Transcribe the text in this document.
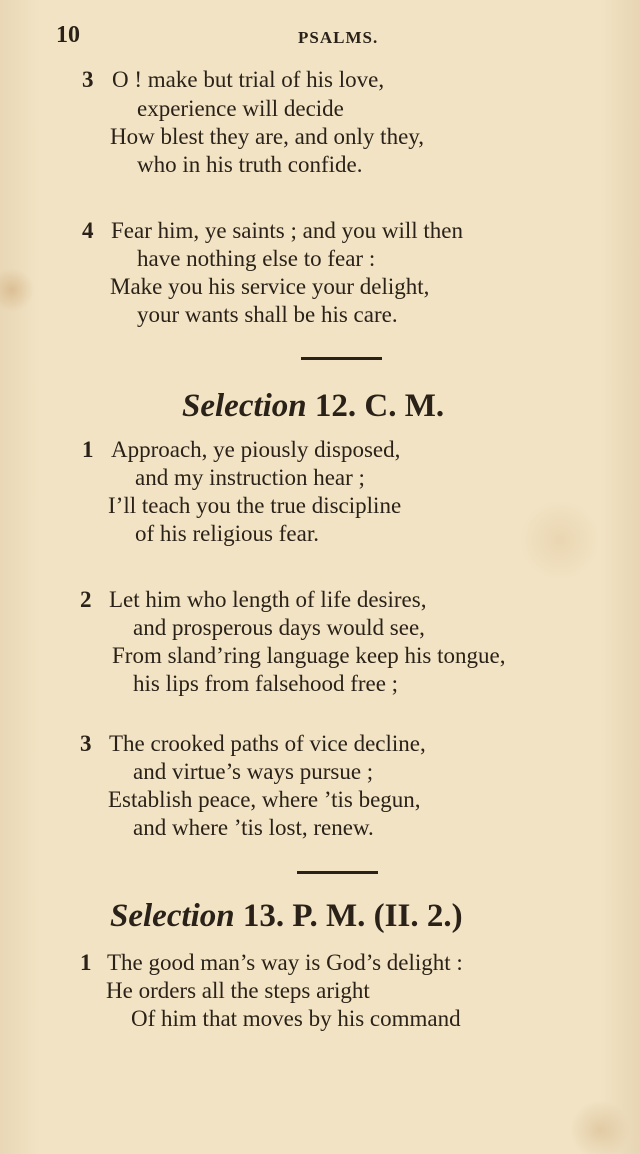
10	PSALMS.
3 O ! make but trial of his love,
experience will decide
How blest they are, and only they,
who in his truth confide.
4 Fear him, ye saints ; and you will then
have nothing else to fear :
Make you his service your delight,
your wants shall be his care.
Selection 12. C. M.
1 Approach, ye piously disposed,
and my instruction hear ;
I’ll teach you the true discipline
of his religious fear.
2 Let him who length of life desires,
and prosperous days would see,
From sland’ring language keep his tongue,
his lips from falsehood free ;
3 The crooked paths of vice decline,
and virtue’s ways pursue ;
Establish peace, where ’tis begun,
and where ’tis lost, renew.
Selection 13. P. M. (II. 2.)
1 The good man’s way is God’s delight :
He orders all the steps aright
Of him that moves by his command
